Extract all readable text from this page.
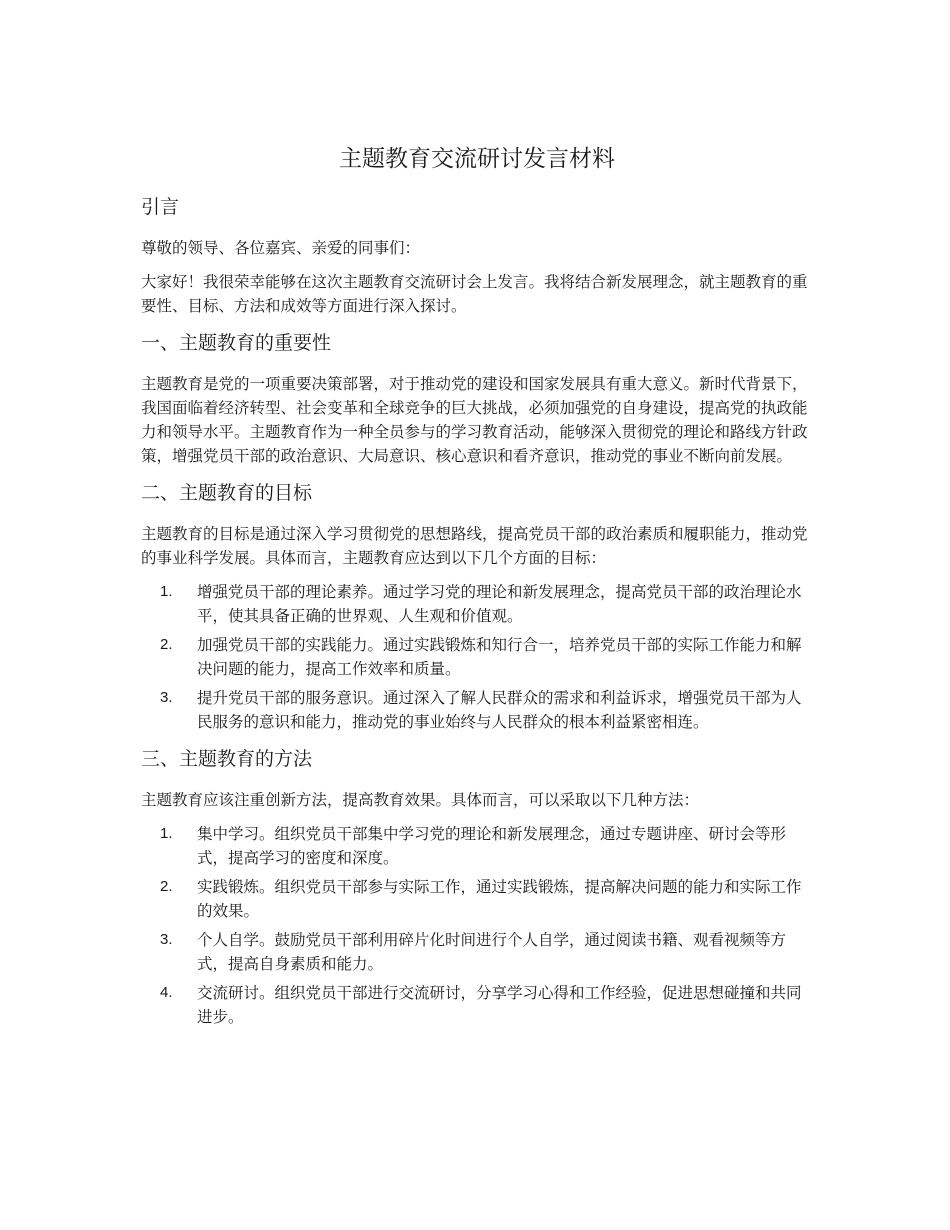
主题教育交流研讨发言材料
引言

尊敬的领导、各位嘉宾、亲爱的同事们：

大家好！我很荣幸能够在这次主题教育交流研讨会上发言。我将结合新发展理念，就主题教育的重要性、目标、方法和成效等方面进行深入探讨。

一、主题教育的重要性

主题教育是党的一项重要决策部署，对于推动党的建设和国家发展具有重大意义。新时代背景下，我国面临着经济转型、社会变革和全球竞争的巨大挑战，必须加强党的自身建设，提高党的执政能力和领导水平。主题教育作为一种全员参与的学习教育活动，能够深入贯彻党的理论和路线方针政策，增强党员干部的政治意识、大局意识、核心意识和看齐意识，推动党的事业不断向前发展。

二、主题教育的目标

主题教育的目标是通过深入学习贯彻党的思想路线，提高党员干部的政治素质和履职能力，推动党的事业科学发展。具体而言，主题教育应达到以下几个方面的目标：

1. 增强党员干部的理论素养。通过学习党的理论和新发展理念，提高党员干部的政治理论水平，使其具备正确的世界观、人生观和价值观。
2. 加强党员干部的实践能力。通过实践锻炼和知行合一，培养党员干部的实际工作能力和解决问题的能力，提高工作效率和质量。
3. 提升党员干部的服务意识。通过深入了解人民群众的需求和利益诉求，增强党员干部为人民服务的意识和能力，推动党的事业始终与人民群众的根本利益紧密相连。
三、主题教育的方法

主题教育应该注重创新方法，提高教育效果。具体而言，可以采取以下几种方法：

1. 集中学习。组织党员干部集中学习党的理论和新发展理念，通过专题讲座、研讨会等形式，提高学习的密度和深度。
2. 实践锻炼。组织党员干部参与实际工作，通过实践锻炼，提高解决问题的能力和实际工作的效果。
3. 个人自学。鼓励党员干部利用碎片化时间进行个人自学，通过阅读书籍、观看视频等方式，提高自身素质和能力。
4. 交流研讨。组织党员干部进行交流研讨，分享学习心得和工作经验，促进思想碰撞和共同进步。
